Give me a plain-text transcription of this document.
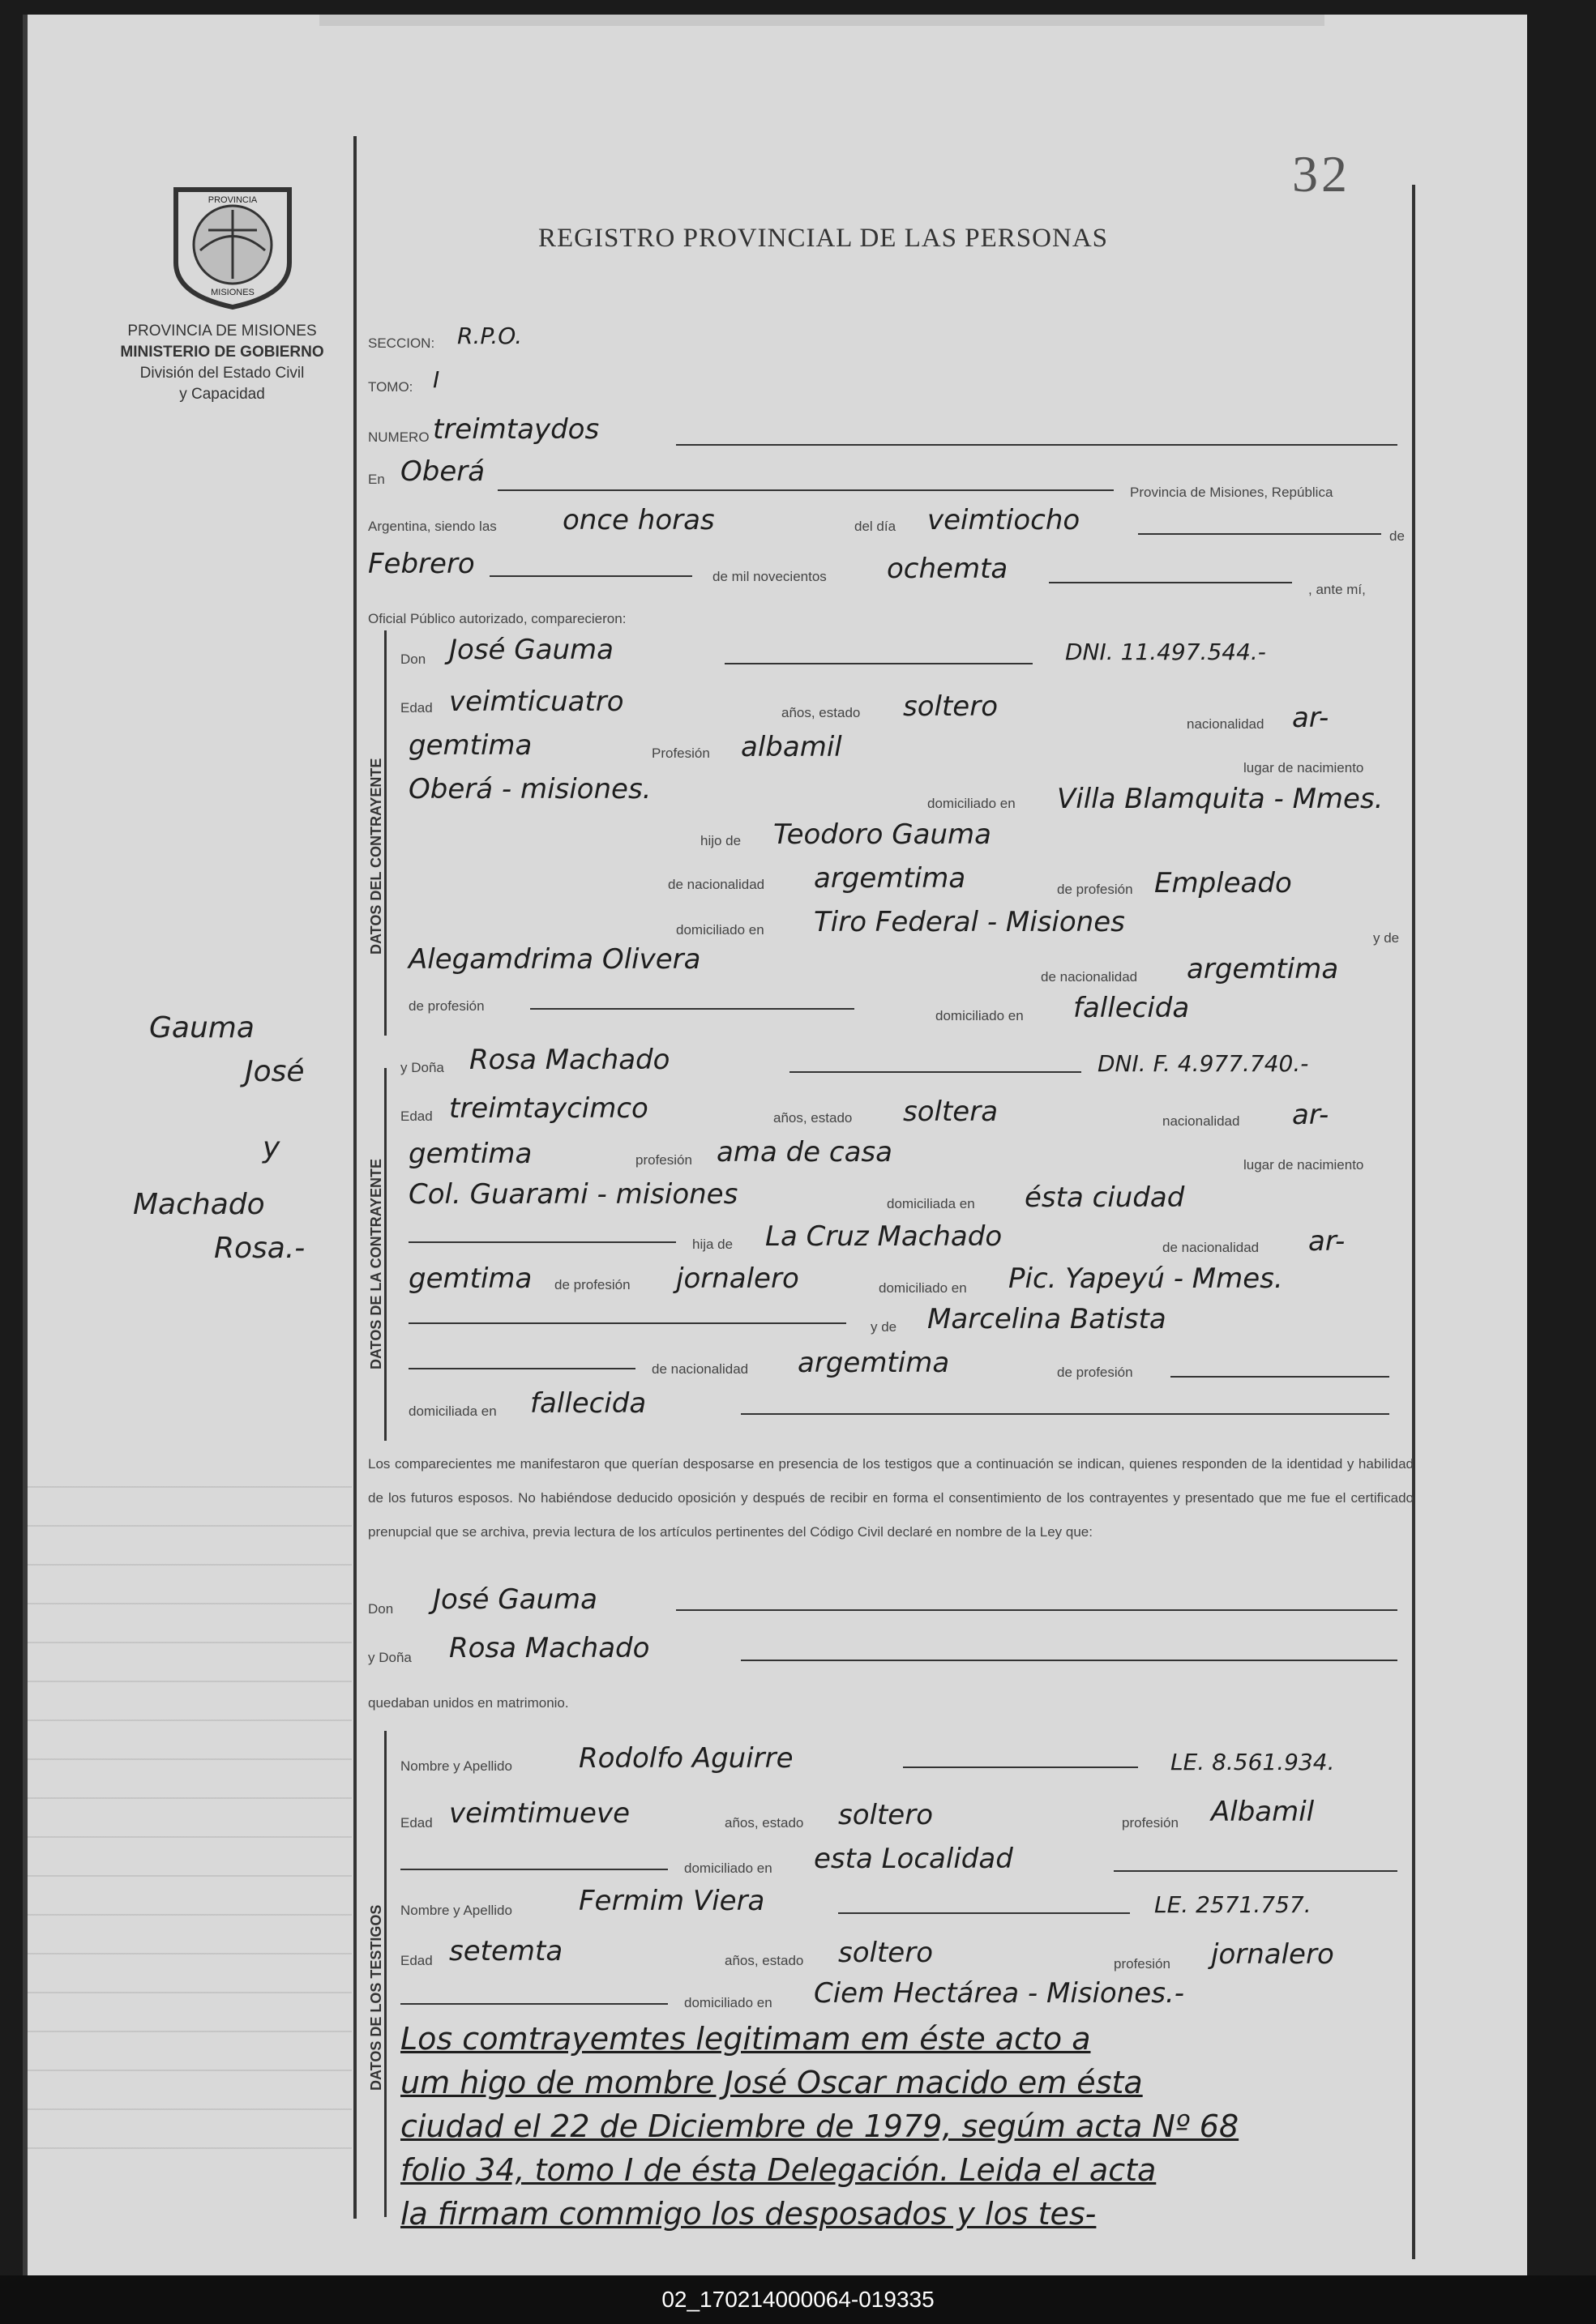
32
REGISTRO PROVINCIAL DE LAS PERSONAS
PROVINCIA
MISIONES
PROVINCIA DE MISIONES
MINISTERIO DE GOBIERNO
División del Estado Civil
y Capacidad
SECCION: R.P.O.
TOMO: I
NUMERO treimtaydos
En Oberá
Provincia de Misiones, República
Argentina, siendo las once horas	del día veimtiocho	de
Febrero	de mil novecientos ochemta
, ante mí,
Oficial Público autorizado, comparecieron:
DATOS DEL CONTRAYENTE
Don José Gauma	DNI. 11.497.544.-
Edad veimticuatro	años, estado soltero
nacionalidad ar-
gemtima	Profesión albamil
lugar de nacimiento
Oberá - misiones.	domiciliado en Villa Blamquita - Mmes.
hijo de Teodoro Gauma
de nacionalidad argemtima	de profesión Empleado
domiciliado en Tiro Federal - Misiones	y de
Alegamdrima Olivera
de nacionalidad argemtima
de profesión
domiciliado en fallecida
Gauma
José
y
Machado
Rosa.-	DATOS DE LA CONTRAYENTE
y Doña Rosa Machado	DNI. F. 4.977.740.-
Edad treimtaycimco	años, estado soltera	nacionalidad ar-
gemtima	profesión ama de casa	lugar de nacimiento
Col. Guarami - misiones	domiciliada en ésta ciudad
hija de La Cruz Machado	de nacionalidad ar-
gemtima de profesión jornalero	domiciliado en Pic. Yapeyú - Mmes.
y de Marcelina Batista
de nacionalidad argemtima	de profesión
domiciliada en fallecida
Los comparecientes me manifestaron que querían desposarse en presencia de los testigos que a continuación se indican, quienes responden de la identidad y habilidad de los futuros esposos. No habiéndose deducido oposición y después de recibir en forma el consentimiento de los contrayentes y presentado que me fue el certificado prenupcial que se archiva, previa lectura de los artículos pertinentes del Código Civil declaré en nombre de la Ley que:
Don José Gauma
y Doña Rosa Machado
quedaban unidos en matrimonio.
DATOS DE LOS TESTIGOS
Nombre y Apellido Rodolfo Aguirre	LE. 8.561.934.
Edad veimtimueve	años, estado soltero	profesión Albamil
domiciliado en esta Localidad
Nombre y Apellido Fermim Viera	LE. 2571.757.
Edad setemta	años, estado soltero	profesión jornalero
domiciliado en Ciem Hectárea - Misiones.-
Los comtrayemtes legitimam em éste acto a
um higo de mombre José Oscar macido em ésta
ciudad el 22 de Diciembre de 1979, segúm acta Nº 68
folio 34, tomo I de ésta Delegación. Leida el acta
la firmam commigo los desposados y los tes-
02_170214000064-019335
